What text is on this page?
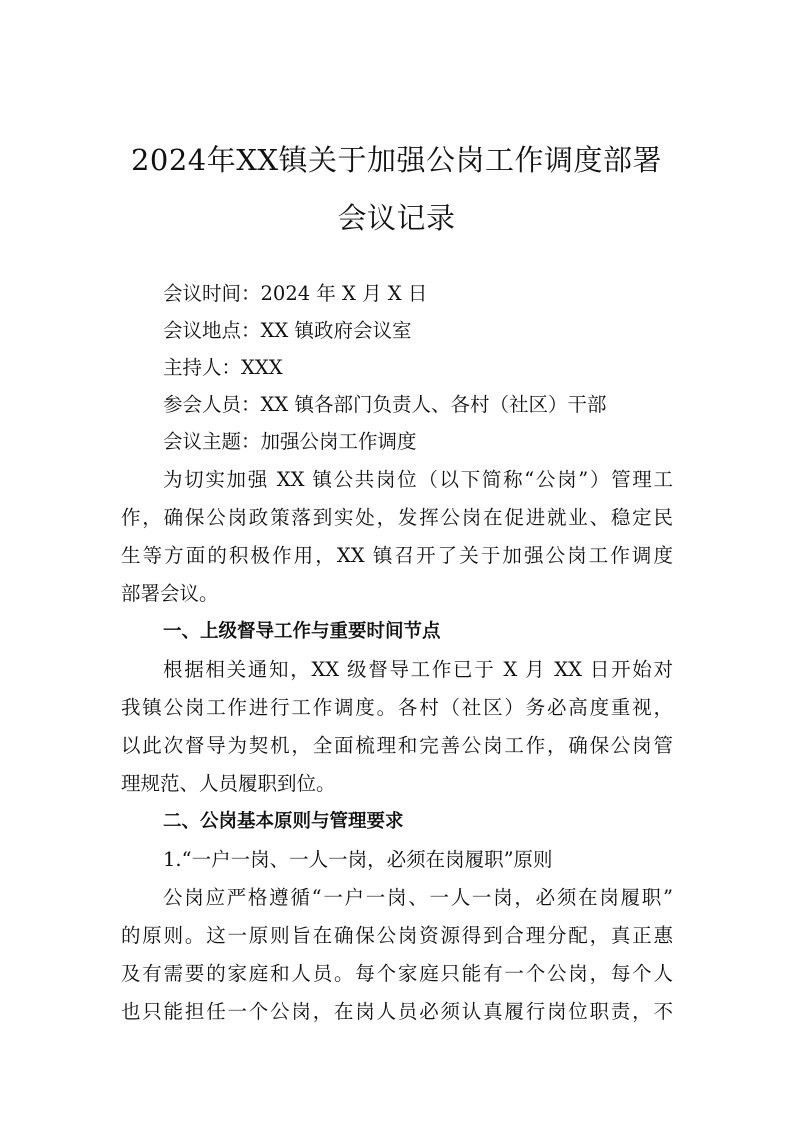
2024年XX镇关于加强公岗工作调度部署
会议记录
会议时间：2024 年 X 月 X 日
会议地点：XX 镇政府会议室
主持人：XXX
参会人员：XX 镇各部门负责人、各村（社区）干部
会议主题：加强公岗工作调度
为切实加强 XX 镇公共岗位（以下简称“公岗”）管理工
作，确保公岗政策落到实处，发挥公岗在促进就业、稳定民
生等方面的积极作用，XX 镇召开了关于加强公岗工作调度
部署会议。
一、上级督导工作与重要时间节点
根据相关通知，XX 级督导工作已于 X 月 XX 日开始对
我镇公岗工作进行工作调度。各村（社区）务必高度重视，
以此次督导为契机，全面梳理和完善公岗工作，确保公岗管
理规范、人员履职到位。
二、公岗基本原则与管理要求
1.“一户一岗、一人一岗，必须在岗履职”原则
公岗应严格遵循“一户一岗、一人一岗，必须在岗履职”
的原则。这一原则旨在确保公岗资源得到合理分配，真正惠
及有需要的家庭和人员。每个家庭只能有一个公岗，每个人
也只能担任一个公岗，在岗人员必须认真履行岗位职责，不
